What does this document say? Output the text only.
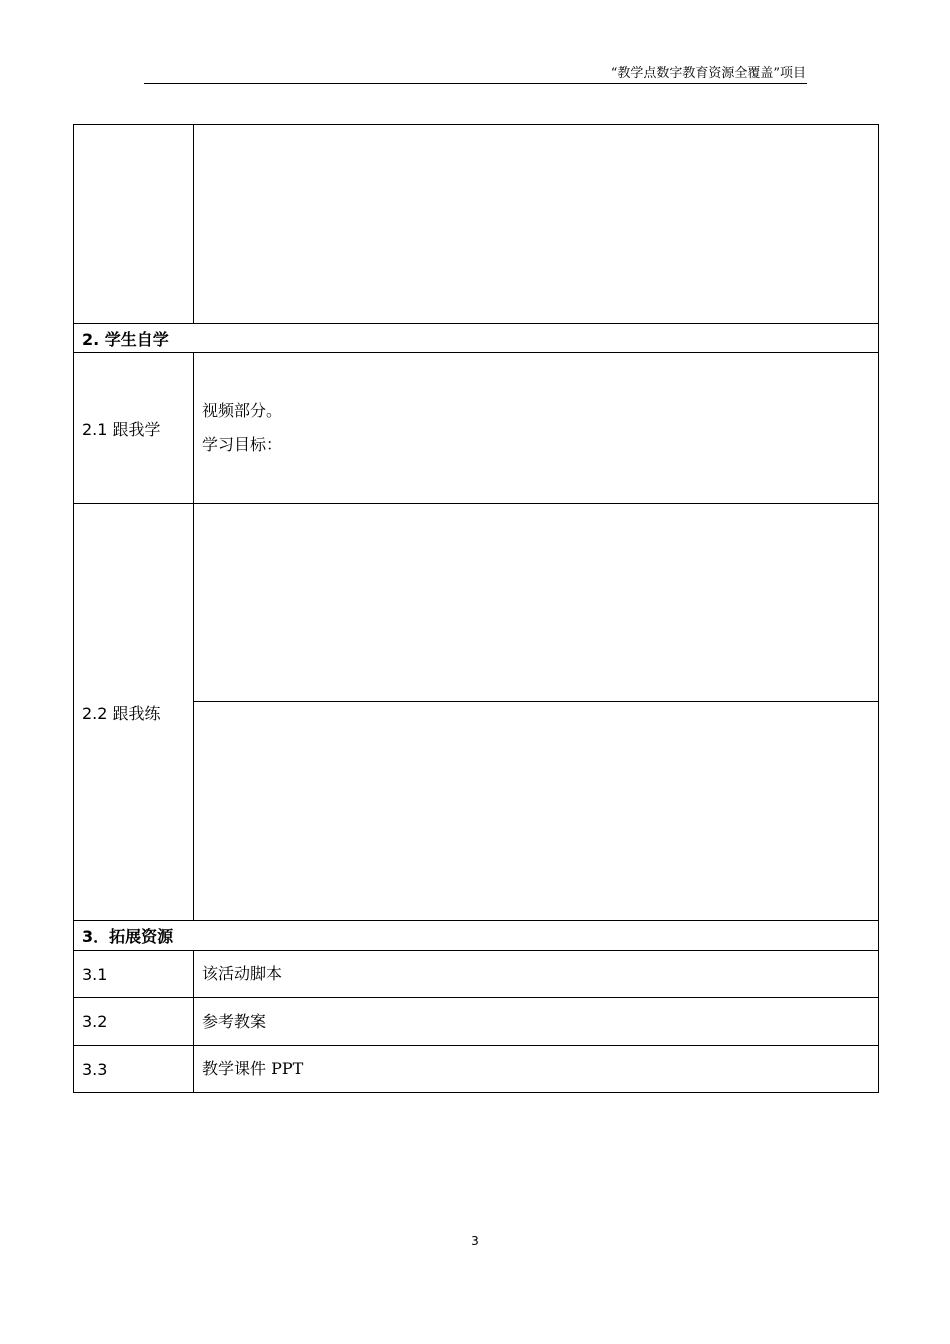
“教学点数字教育资源全覆盖”项目

2. 学生自学	
2.1 跟我学	视频部分。
学习目标：

2.2 跟我练	

3．拓展资源	
3.1	该活动脚本
3.2	参考教案
3.3	教学课件 PPT
3
